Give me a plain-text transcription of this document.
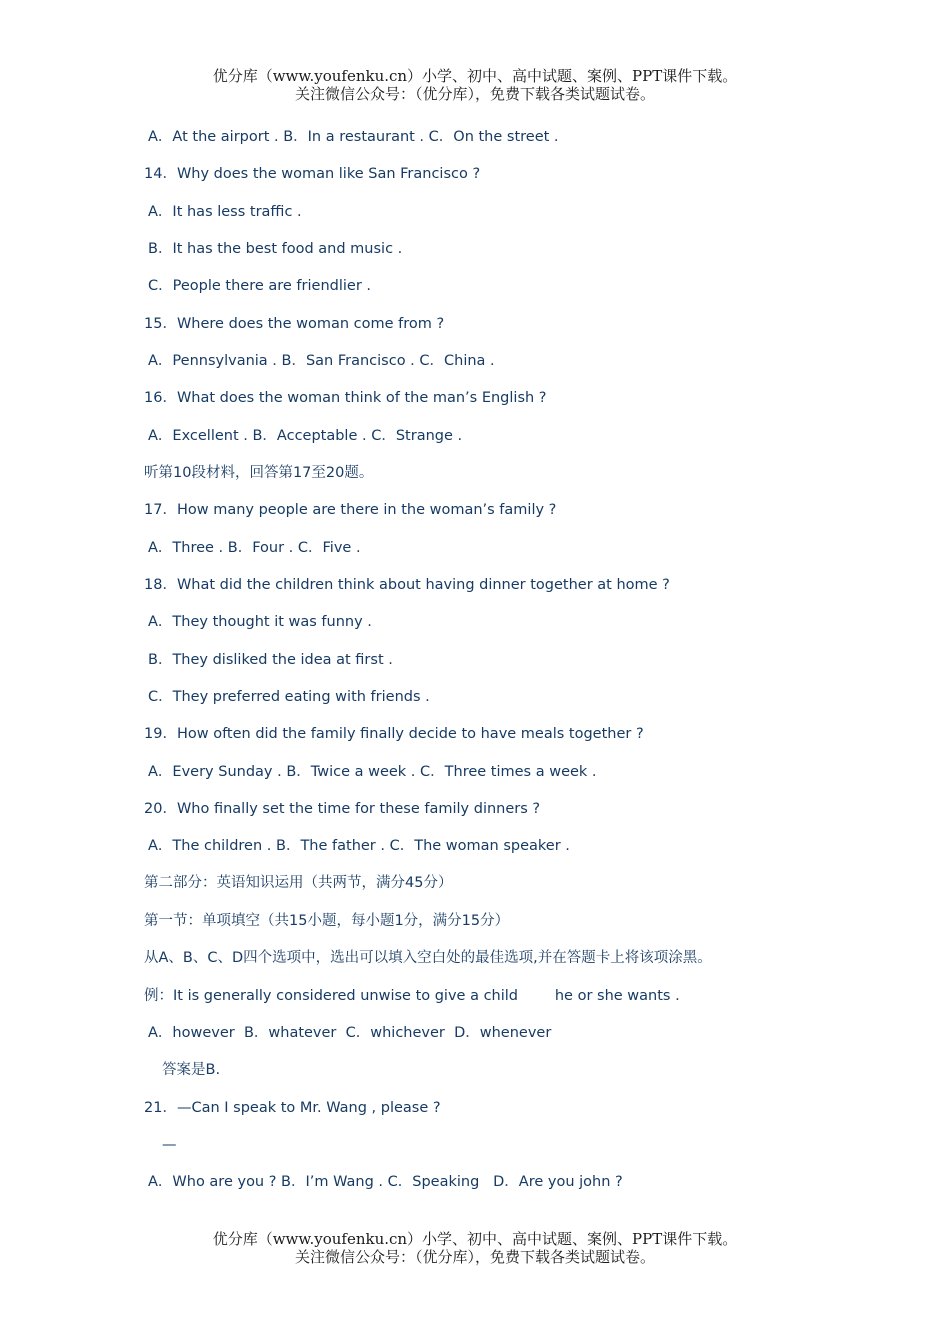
优分库（www.youfenku.cn）小学、初中、高中试题、案例、PPT课件下载。
关注微信公众号：（优分库），免费下载各类试题试卷。
A．At the airport . B．In a restaurant . C．On the street .
14．Why does the woman like San Francisco ?
A．It has less traffic .
B．It has the best food and music .
C．People there are friendlier .
15．Where does the woman come from ?
A．Pennsylvania . B．San Francisco . C．China .
16．What does the woman think of the man’s English ?
A．Excellent . B．Acceptable . C．Strange .
听第10段材料，回答第17至20题。
17．How many people are there in the woman’s family ?
A．Three . B．Four . C．Five .
18．What did the children think about having dinner together at home ?
A．They thought it was funny .
B．They disliked the idea at first .
C．They preferred eating with friends .
19．How often did the family finally decide to have meals together ?
A．Every Sunday . B．Twice a week . C．Three times a week .
20．Who finally set the time for these family dinners ?
A．The children . B．The father . C．The woman speaker .
第二部分：英语知识运用（共两节，满分45分）
第一节：单项填空（共15小题，每小题1分，满分15分）
从A、B、C、D四个选项中，选出可以填入空白处的最佳选项,并在答题卡上将该项涂黑。
例：It is generally considered unwise to give a child        he or she wants .
A．however  B．whatever  C．whichever  D．whenever
答案是B.
21．—Can I speak to Mr. Wang , please ?
—
A．Who are you ? B．I’m Wang . C．Speaking   D．Are you john ?
优分库（www.youfenku.cn）小学、初中、高中试题、案例、PPT课件下载。
关注微信公众号：（优分库），免费下载各类试题试卷。
